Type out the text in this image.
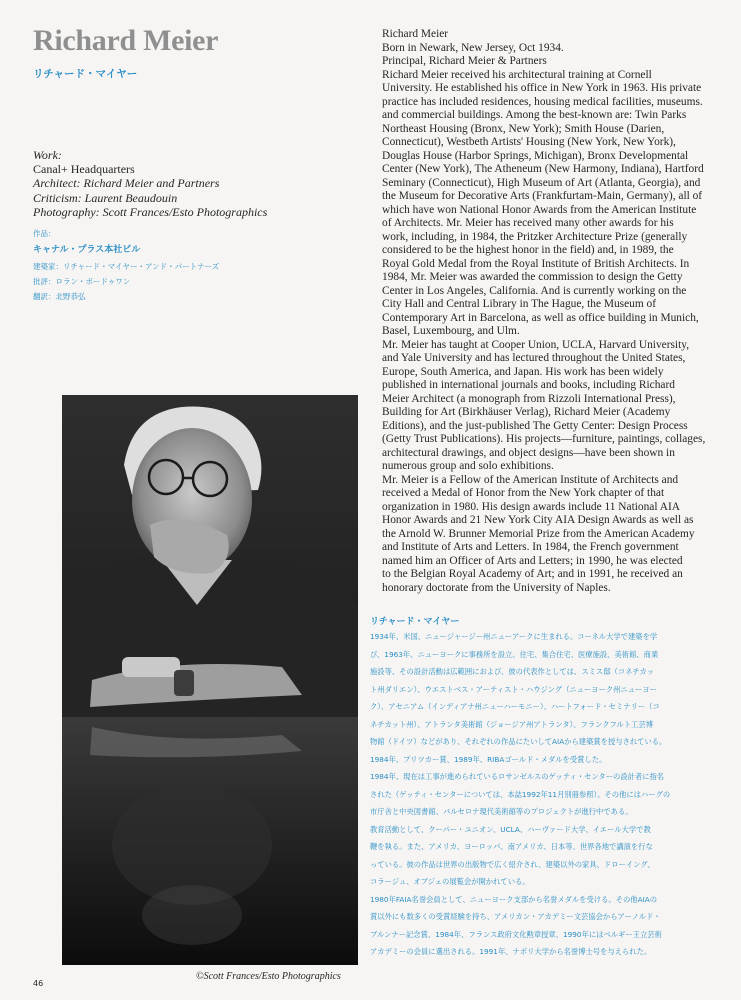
Richard Meier
リチャード・マイヤー
Work:
Canal+ Headquarters
Architect: Richard Meier and Partners
Criticism: Laurent Beaudouin
Photography: Scott Frances/Esto Photographics
作品：
キャナル・プラス本社ビル
建築家：リチャード・マイヤー・アンド・パートナーズ
批評：ロラン・ボードゥワン
翻訳：北野恭弘
©Scott Frances/Esto Photographics
46
Richard Meier
Born in Newark, New Jersey, Oct 1934.
Principal, Richard Meier & Partners
Richard Meier received his architectural training at Cornell
University. He established his office in New York in 1963. His private
practice has included residences, housing medical facilities, museums.
and commercial buildings. Among the best-known are: Twin Parks
Northeast Housing (Bronx, New York); Smith House (Darien,
Connecticut), Westbeth Artists' Housing (New York, New York),
Douglas House (Harbor Springs, Michigan), Bronx Developmental
Center (New York), The Atheneum (New Harmony, Indiana), Hartford
Seminary (Connecticut), High Museum of Art (Atlanta, Georgia), and
the Museum for Decorative Arts (Frankfurtam-Main, Germany), all of
which have won National Honor Awards from the American Institute
of Architects. Mr. Meier has received many other awards for his
work, including, in 1984, the Pritzker Architecture Prize (generally
considered to be the highest honor in the field) and, in 1989, the
Royal Gold Medal from the Royal Institute of British Architects. In
1984, Mr. Meier was awarded the commission to design the Getty
Center in Los Angeles, California. And is currently working on the
City Hall and Central Library in The Hague, the Museum of
Contemporary Art in Barcelona, as well as office building in Munich,
Basel, Luxembourg, and Ulm.
Mr. Meier has taught at Cooper Union, UCLA, Harvard University,
and Yale University and has lectured throughout the United States,
Europe, South America, and Japan. His work has been widely
published in international journals and books, including Richard
Meier Architect (a monograph from Rizzoli International Press),
Building for Art (Birkhäuser Verlag), Richard Meier (Academy
Editions), and the just-published The Getty Center: Design Process
(Getty Trust Publications). His projects—furniture, paintings, collages,
architectural drawings, and object designs—have been shown in
numerous group and solo exhibitions.
Mr. Meier is a Fellow of the American Institute of Architects and
received a Medal of Honor from the New York chapter of that
organization in 1980. His design awards include 11 National AIA
Honor Awards and 21 New York City AIA Design Awards as well as
the Arnold W. Brunner Memorial Prize from the American Academy
and Institute of Arts and Letters. In 1984, the French government
named him an Officer of Arts and Letters; in 1990, he was elected
to the Belgian Royal Academy of Art; and in 1991, he received an
honorary doctorate from the University of Naples.
リチャード・マイヤー
1934年、米国、ニュージャージー州ニューアークに生まれる。コーネル大学で建築を学
び、1963年、ニューヨークに事務所を設立。住宅、集合住宅、医療施設、美術館、商業
施設等、その設計活動は広範囲におよび、彼の代表作としては、スミス邸（コネチカッ
ト州ダリエン）、ウエストベス・アーティスト・ハウジング（ニューヨーク州ニューヨー
ク）、アセニアム（インディアナ州ニューハーモニー）、ハートフォード・セミナリー（コ
ネチカット州）、アトランタ美術館（ジョージア州アトランタ）、フランクフルト工芸博
物館（ドイツ）などがあり、それぞれの作品にたいしてAIAから建築賞を授与されている。
1984年、プリツカー賞、1989年、RIBAゴールド・メダルを受賞した。
1984年、現在は工事が進められているロサンゼルスのゲッティ・センターの設計者に指名
された（ゲッティ・センターについては、本誌1992年11月別冊参照）。その他にはハーグの
市庁舎と中央図書館、バルセロナ現代美術館等のプロジェクトが進行中である。
教育活動として、クーパー・ユニオン、UCLA、ハーヴァード大学、イエール大学で教
鞭を執る。また、アメリカ、ヨーロッパ、南アメリカ、日本等、世界各地で講演を行な
っている。彼の作品は世界の出版物で広く紹介され、建築以外の家具、ドローイング、
コラージュ、オブジェの展覧会が開かれている。
1980年FAIA名誉会員として、ニューヨーク支部から名誉メダルを受ける。その他AIAの
賞以外にも数多くの受賞経験を持ち、アメリカン・アカデミー文芸協会からアーノルド・
ブルンナー記念賞、1984年、フランス政府文化勲章授章、1990年にはベルギー王立芸術
アカデミーの会員に選出される。1991年、ナポリ大学から名誉博士号を与えられた。
